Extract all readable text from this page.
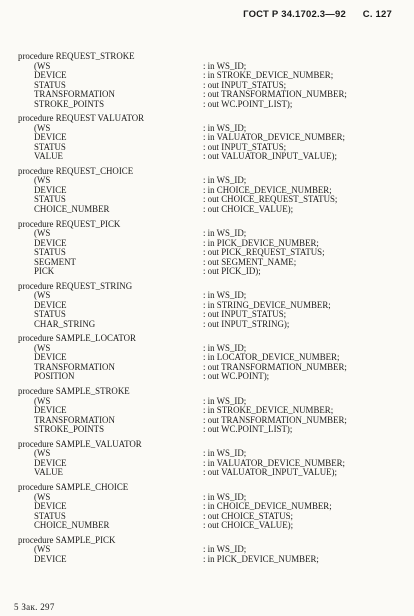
ГОСТ Р 34.1702.3—92 С. 127
procedure REQUEST_STROKE
(WS	: in WS_ID;
DEVICE	: in STROKE_DEVICE_NUMBER;
STATUS	: out INPUT_STATUS;
TRANSFORMATION	: out TRANSFORMATION_NUMBER;
STROKE_POINTS	: out WC.POINT_LIST);
procedure REQUEST VALUATOR
(WS	: in WS_ID;
DEVICE	: in VALUATOR_DEVICE_NUMBER;
STATUS	: out INPUT_STATUS;
VALUE	: out VALUATOR_INPUT_VALUE);
procedure REQUEST_CHOICE
(WS	: in WS_ID;
DEVICE	: in CHOICE_DEVICE_NUMBER;
STATUS	: out CHOICE_REQUEST_STATUS;
CHOICE_NUMBER	: out CHOICE_VALUE);
procedure REQUEST_PICK
(WS	: in WS_ID;
DEVICE	: in PICK_DEVICE_NUMBER;
STATUS	: out PICK_REQUEST_STATUS;
SEGMENT	: out SEGMENT_NAME;
PICK	: out PICK_ID);
procedure REQUEST_STRING
(WS	: in WS_ID;
DEVICE	: in STRING_DEVICE_NUMBER;
STATUS	: out INPUT_STATUS;
CHAR_STRING	: out INPUT_STRING);
procedure SAMPLE_LOCATOR
(WS	: in WS_ID;
DEVICE	: in LOCATOR_DEVICE_NUMBER;
TRANSFORMATION	: out TRANSFORMATION_NUMBER;
POSITION	: out WC.POINT);
procedure SAMPLE_STROKE
(WS	: in WS_ID;
DEVICE	: in STROKE_DEVICE_NUMBER;
TRANSFORMATION	: out TRANSFORMATION_NUMBER;
STROKE_POINTS	: out WC.POINT_LIST);
procedure SAMPLE_VALUATOR
(WS	: in WS_ID;
DEVICE	: in VALUATOR_DEVICE_NUMBER;
VALUE	: out VALUATOR_INPUT_VALUE);
procedure SAMPLE_CHOICE
(WS	: in WS_ID;
DEVICE	: in CHOICE_DEVICE_NUMBER;
STATUS	: out CHOICE_STATUS;
CHOICE_NUMBER	: out CHOICE_VALUE);
procedure SAMPLE_PICK
(WS	: in WS_ID;
DEVICE	: in PICK_DEVICE_NUMBER;
5 Зак. 297
